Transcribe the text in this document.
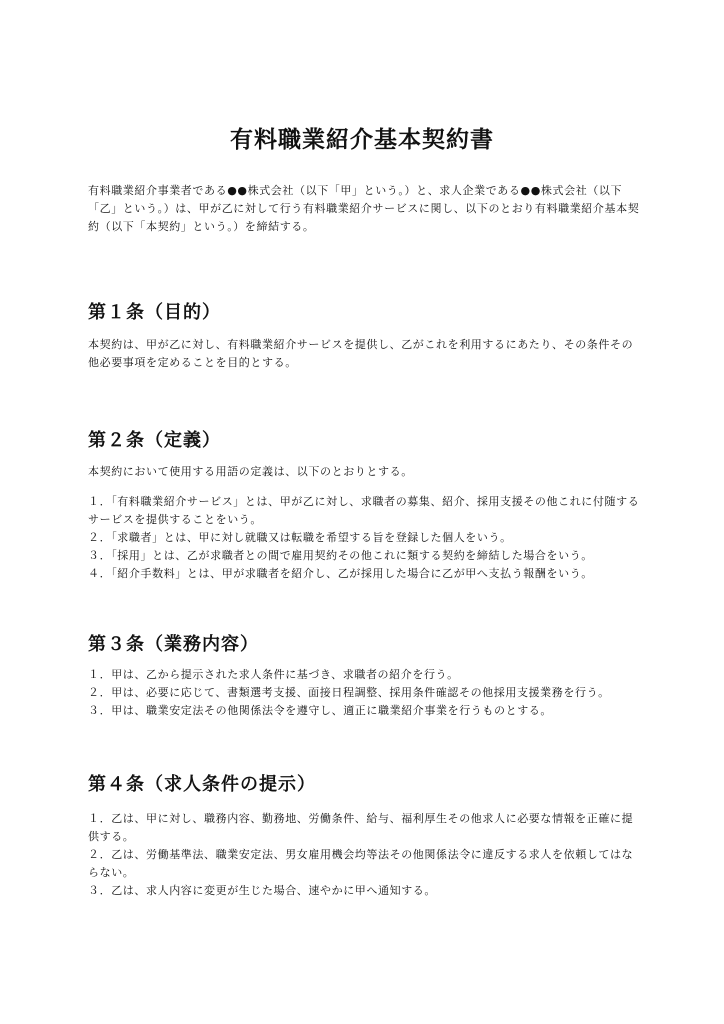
有料職業紹介基本契約書

有料職業紹介事業者である●●株式会社（以下「甲」という。）と、求人企業である●●株式会社（以下「乙」という。）は、甲が乙に対して行う有料職業紹介サービスに関し、以下のとおり有料職業紹介基本契約（以下「本契約」という。）を締結する。

第１条（目的）

本契約は、甲が乙に対し、有料職業紹介サービスを提供し、乙がこれを利用するにあたり、その条件その他必要事項を定めることを目的とする。

第２条（定義）

本契約において使用する用語の定義は、以下のとおりとする。

１．「有料職業紹介サービス」とは、甲が乙に対し、求職者の募集、紹介、採用支援その他これに付随するサービスを提供することをいう。
２．「求職者」とは、甲に対し就職又は転職を希望する旨を登録した個人をいう。
３．「採用」とは、乙が求職者との間で雇用契約その他これに類する契約を締結した場合をいう。
４．「紹介手数料」とは、甲が求職者を紹介し、乙が採用した場合に乙が甲へ支払う報酬をいう。
第３条（業務内容）
１．甲は、乙から提示された求人条件に基づき、求職者の紹介を行う。
２．甲は、必要に応じて、書類選考支援、面接日程調整、採用条件確認その他採用支援業務を行う。
３．甲は、職業安定法その他関係法令を遵守し、適正に職業紹介事業を行うものとする。
第４条（求人条件の提示）
１．乙は、甲に対し、職務内容、勤務地、労働条件、給与、福利厚生その他求人に必要な情報を正確に提供する。
２．乙は、労働基準法、職業安定法、男女雇用機会均等法その他関係法令に違反する求人を依頼してはならない。
３．乙は、求人内容に変更が生じた場合、速やかに甲へ通知する。
